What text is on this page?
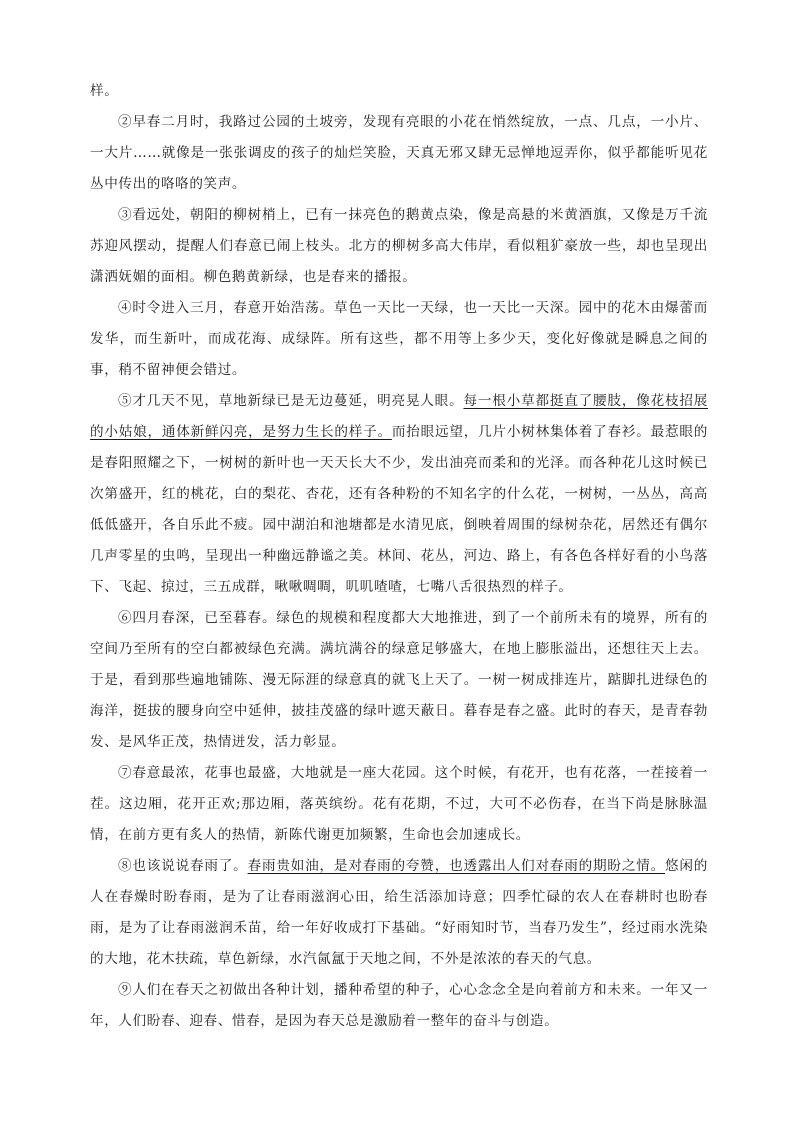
样。

②早春二月时，我路过公园的土坡旁，发现有亮眼的小花在悄然绽放，一点、几点，一小片、一大片……就像是一张张调皮的孩子的灿烂笑脸，天真无邪又肆无忌惮地逗弄你，似乎都能听见花丛中传出的咯咯的笑声。

③看远处，朝阳的柳树梢上，已有一抹亮色的鹅黄点染，像是高悬的米黄酒旗，又像是万千流苏迎风摆动，提醒人们春意已闹上枝头。北方的柳树多高大伟岸，看似粗犷豪放一些，却也呈现出潇洒妩媚的面相。柳色鹅黄新绿，也是春来的播报。

④时令进入三月，春意开始浩荡。草色一天比一天绿，也一天比一天深。园中的花木由爆蕾而发华，而生新叶，而成花海、成绿阵。所有这些，都不用等上多少天，变化好像就是瞬息之间的事，稍不留神便会错过。

⑤才几天不见，草地新绿已是无边蔓延，明亮晃人眼。每一根小草都挺直了腰肢，像花枝招展的小姑娘，通体新鲜闪亮，是努力生长的样子。而抬眼远望，几片小树林集体着了春衫。最惹眼的是春阳照耀之下，一树树的新叶也一天天长大不少，发出油亮而柔和的光泽。而各种花儿这时候已次第盛开，红的桃花，白的梨花、杏花，还有各种粉的不知名字的什么花，一树树，一丛丛，高高低低盛开，各自乐此不疲。园中湖泊和池塘都是水清见底，倒映着周围的绿树杂花，居然还有偶尔几声零星的虫鸣，呈现出一种幽远静谧之美。林间、花丛，河边、路上，有各色各样好看的小鸟落下、飞起、掠过，三五成群，啾啾啁啁，叽叽喳喳，七嘴八舌很热烈的样子。

⑥四月春深，已至暮春。绿色的规模和程度都大大地推进，到了一个前所未有的境界，所有的空间乃至所有的空白都被绿色充满。满坑满谷的绿意足够盛大，在地上膨胀溢出，还想往天上去。于是，看到那些遍地铺陈、漫无际涯的绿意真的就飞上天了。一树一树成排连片，踮脚扎进绿色的海洋，挺拔的腰身向空中延伸，披挂茂盛的绿叶遮天蔽日。暮春是春之盛。此时的春天，是青春勃发、是风华正茂，热情迸发，活力彰显。

⑦春意最浓，花事也最盛，大地就是一座大花园。这个时候，有花开，也有花落，一茬接着一茬。这边厢，花开正欢;那边厢，落英缤纷。花有花期，不过，大可不必伤春，在当下尚是脉脉温情，在前方更有炙人的热情，新陈代谢更加频繁，生命也会加速成长。

⑧也该说说春雨了。春雨贵如油，是对春雨的夸赞，也透露出人们对春雨的期盼之情。悠闲的人在春燥时盼春雨，是为了让春雨滋润心田，给生活添加诗意；四季忙碌的农人在春耕时也盼春雨，是为了让春雨滋润禾苗，给一年好收成打下基础。“好雨知时节，当春乃发生”，经过雨水洗染的大地，花木扶疏，草色新绿，水汽氤氲于天地之间，不外是浓浓的春天的气息。

⑨人们在春天之初做出各种计划，播种希望的种子，心心念念全是向着前方和未来。一年又一年，人们盼春、迎春、惜春，是因为春天总是激励着一整年的奋斗与创造。
